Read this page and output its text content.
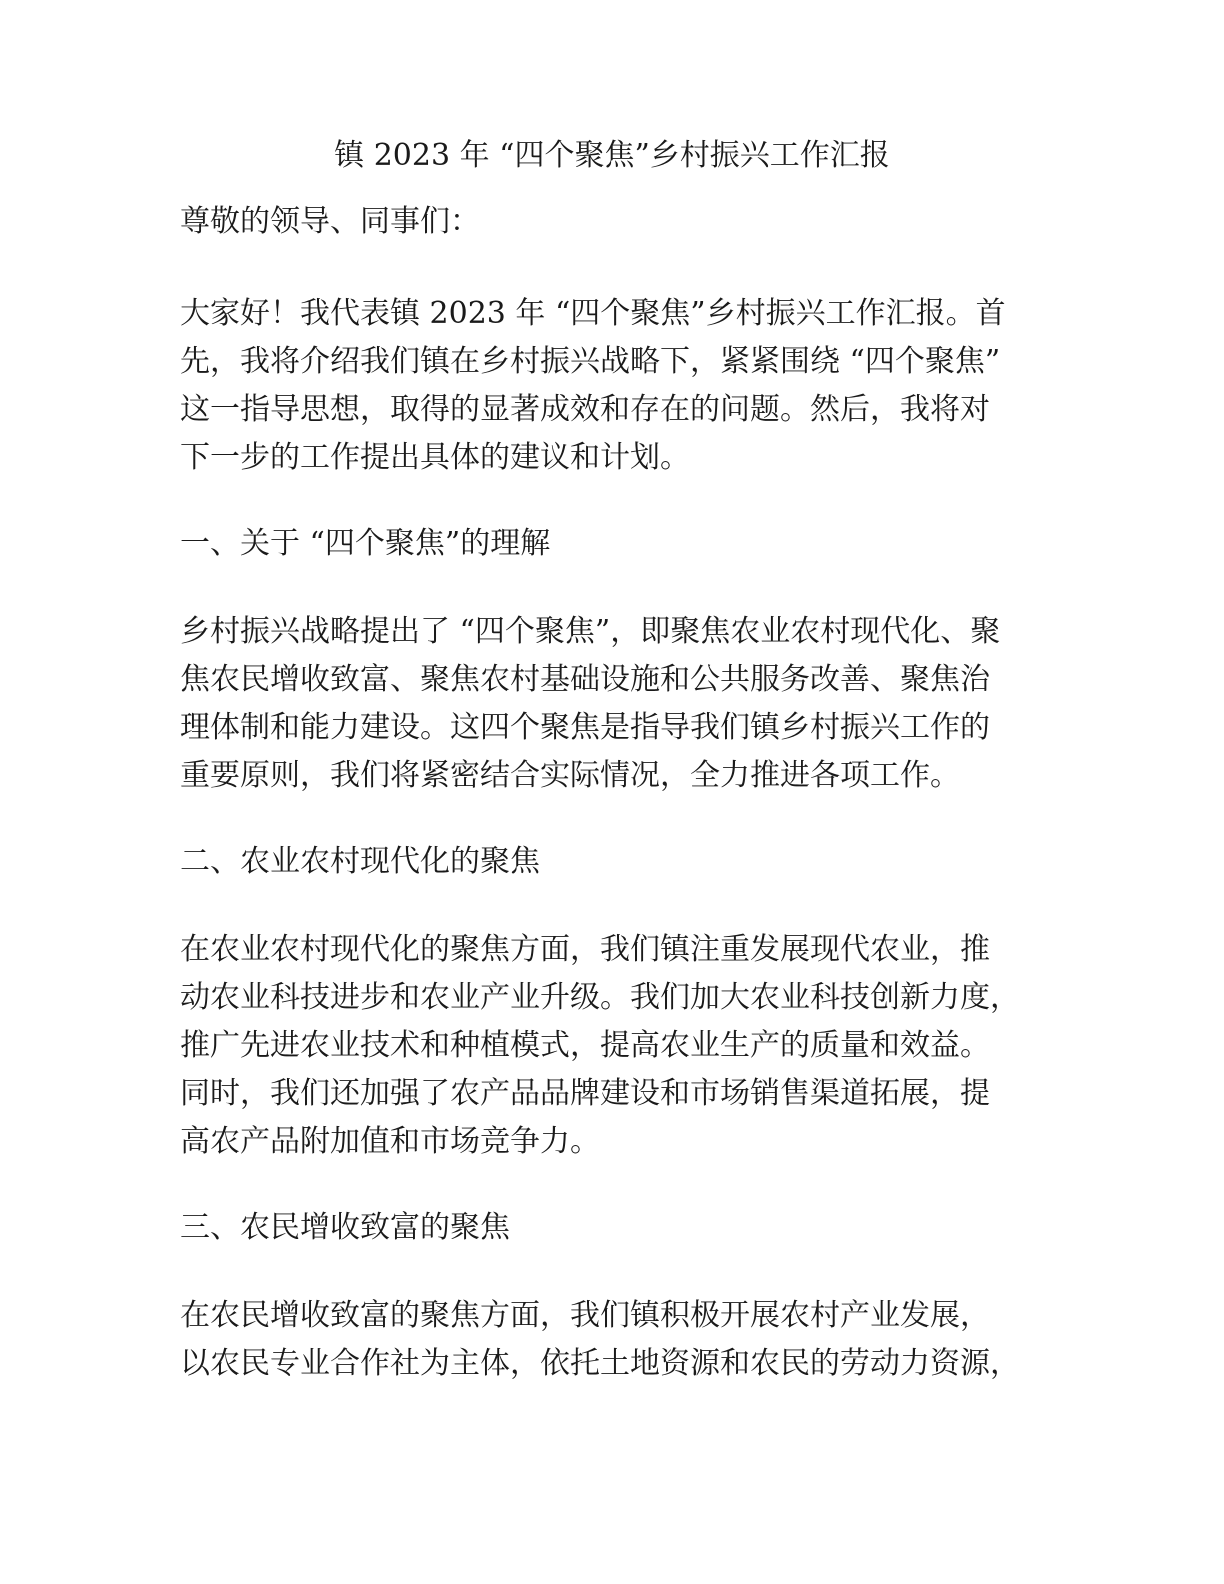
镇 2023 年 “四个聚焦”乡村振兴工作汇报
尊敬的领导、同事们：
大家好！我代表镇 2023 年 “四个聚焦”乡村振兴工作汇报。首
先，我将介绍我们镇在乡村振兴战略下，紧紧围绕 “四个聚焦”
这一指导思想，取得的显著成效和存在的问题。然后，我将对
下一步的工作提出具体的建议和计划。
一、关于 “四个聚焦”的理解
乡村振兴战略提出了 “四个聚焦”，即聚焦农业农村现代化、聚
焦农民增收致富、聚焦农村基础设施和公共服务改善、聚焦治
理体制和能力建设。这四个聚焦是指导我们镇乡村振兴工作的
重要原则，我们将紧密结合实际情况，全力推进各项工作。
二、农业农村现代化的聚焦
在农业农村现代化的聚焦方面，我们镇注重发展现代农业，推
动农业科技进步和农业产业升级。我们加大农业科技创新力度，
推广先进农业技术和种植模式，提高农业生产的质量和效益。
同时，我们还加强了农产品品牌建设和市场销售渠道拓展，提
高农产品附加值和市场竞争力。
三、农民增收致富的聚焦
在农民增收致富的聚焦方面，我们镇积极开展农村产业发展，
以农民专业合作社为主体，依托土地资源和农民的劳动力资源，
